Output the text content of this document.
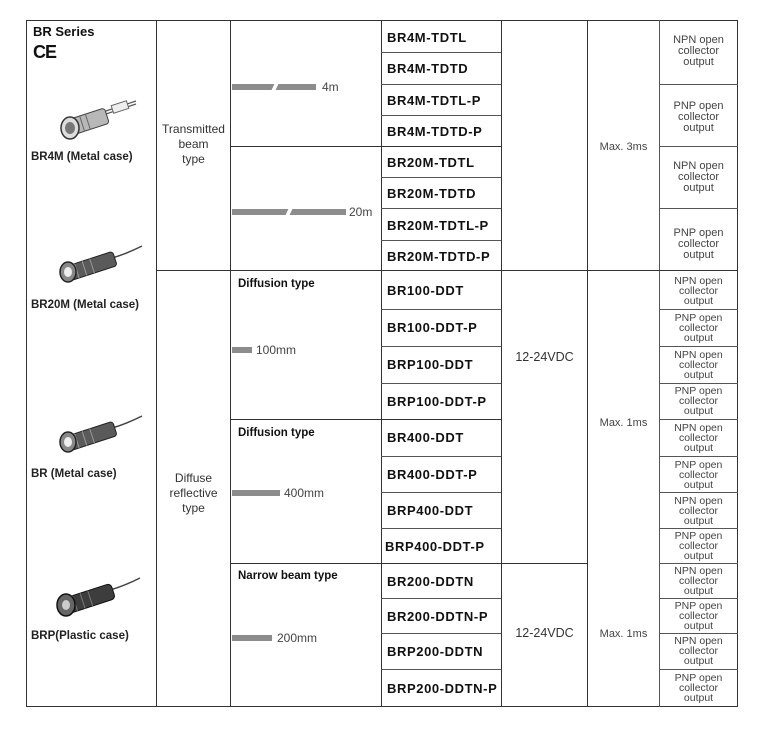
BR Series
CE
BR4M (Metal case)
BR20M (Metal case)
BR (Metal case)
BRP(Plastic case)
Transmitted
beam
type
Diffuse
reflective
type
4m
20m
Diffusion type
100mm
Diffusion type
400mm
Narrow beam type
200mm
BR4M-TDTL
BR4M-TDTD
BR4M-TDTL-P
BR4M-TDTD-P
BR20M-TDTL
BR20M-TDTD
BR20M-TDTL-P
BR20M-TDTD-P
BR100-DDT
BR100-DDT-P
BRP100-DDT
BRP100-DDT-P
BR400-DDT
BR400-DDT-P
BRP400-DDT
BRP400-DDT-P
BR200-DDTN
BR200-DDTN-P
BRP200-DDTN
BRP200-DDTN-P
12-24VDC
12-24VDC
Max. 3ms
Max. 1ms
Max. 1ms
NPN open
collector
output
PNP open
collector
output
NPN open
collector
output
PNP open
collector
output
NPN open
collector
output
PNP open
collector
output
NPN open
collector
output
PNP open
collector
output
NPN open
collector
output
PNP open
collector
output
NPN open
collector
output
PNP open
collector
output
NPN open
collector
output
PNP open
collector
output
NPN open
collector
output
PNP open
collector
output
